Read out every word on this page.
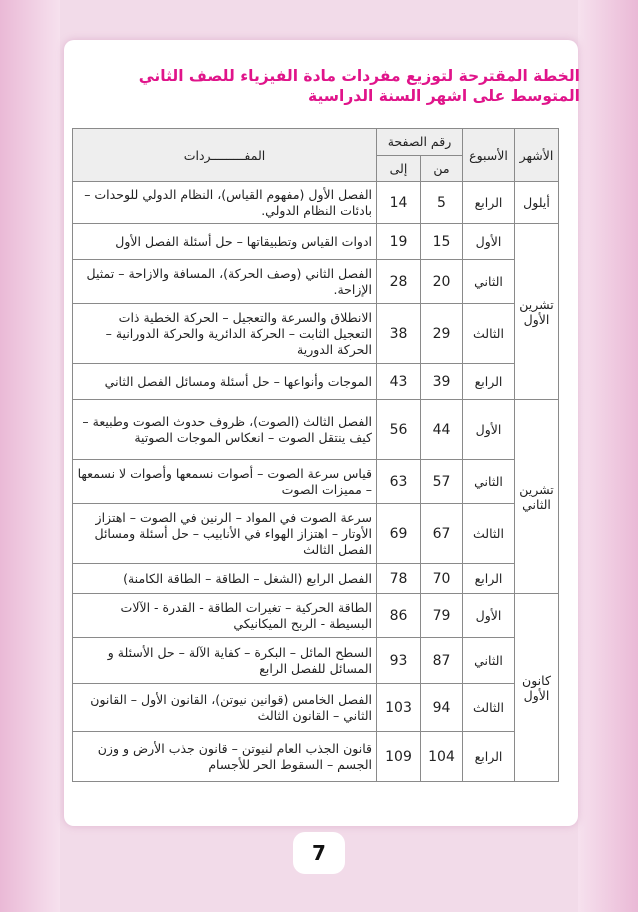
الخطة المقترحة لتوزيع مفردات مادة الفيزياء للصف الثاني المتوسط على اشهر السنة الدراسية
الأشهر	الأسبوع	رقم الصفحة		المفـــــــــردات
		من	إلى	
أيلول	الرابع	5	14	الفصل الأول (مفهوم القياس)، النظام الدولي للوحدات – بادئات النظام الدولي.
تشرين الأول	الأول	15	19	ادوات القياس وتطبيقاتها – حل أسئلة الفصل الأول
	الثاني	20	28	الفصل الثاني (وصف الحركة)، المسافة والازاحة – تمثيل الإزاحة.
	الثالث	29	38	الانطلاق والسرعة والتعجيل – الحركة الخطية ذات التعجيل الثابت – الحركة الدائرية والحركة الدورانية – الحركة الدورية
	الرابع	39	43	الموجات وأنواعها – حل أسئلة ومسائل الفصل الثاني
تشرين الثاني	الأول	44	56	الفصل الثالث (الصوت)، ظروف حدوث الصوت وطبيعة – كيف ينتقل الصوت – انعكاس الموجات الصوتية
	الثاني	57	63	قياس سرعة الصوت – أصوات نسمعها وأصوات لا نسمعها – مميزات الصوت
	الثالث	67	69	سرعة الصوت في المواد – الرنين في الصوت – اهتزاز الأوتار – اهتزاز الهواء في الأنابيب – حل أسئلة ومسائل الفصل الثالث
	الرابع	70	78	الفصل الرابع (الشغل – الطاقة – الطاقة الكامنة)
كانون الأول	الأول	79	86	الطاقة الحركية – تغيرات الطاقة - القدرة - الآلات البسيطة - الربح الميكانيكي
	الثاني	87	93	السطح المائل – البكرة – كفاية الآلة – حل الأسئلة و المسائل للفصل الرابع
	الثالث	94	103	الفصل الخامس (قوانين نيوتن)، القانون الأول – القانون الثاني – القانون الثالث
	الرابع	104	109	قانون الجذب العام لنيوتن – قانون جذب الأرض و وزن الجسم – السقوط الحر للأجسام
7
